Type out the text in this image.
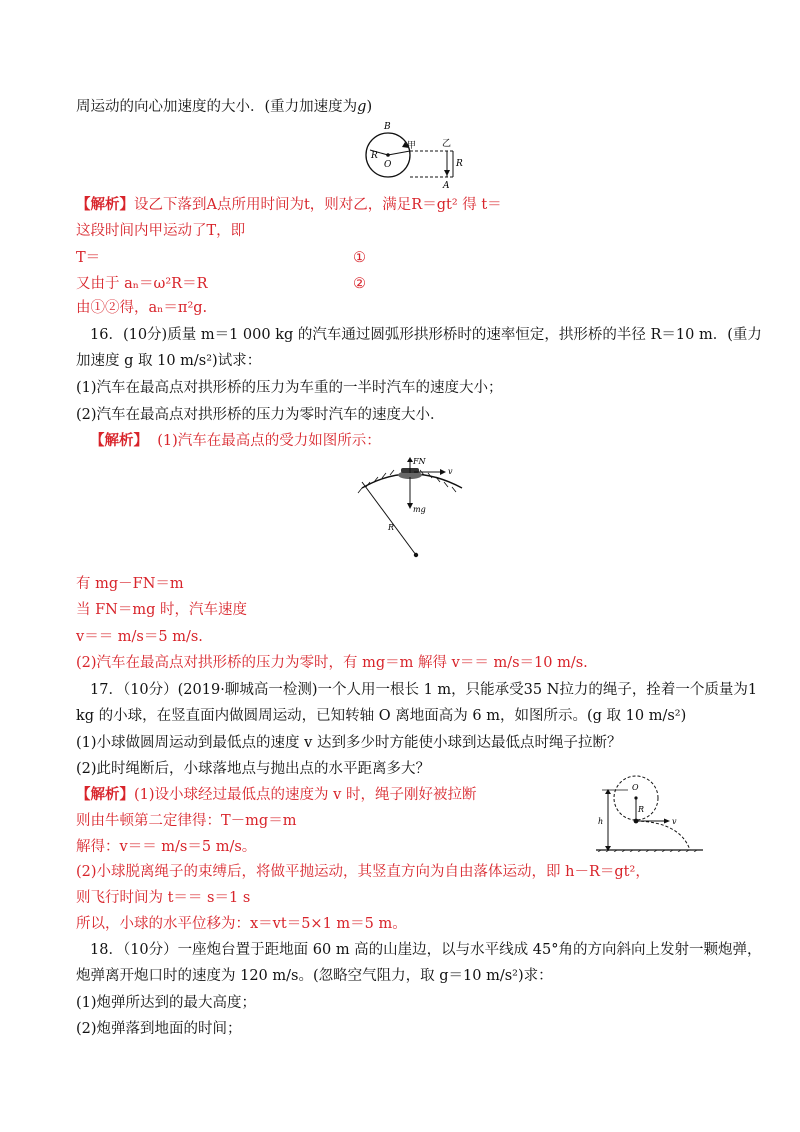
周运动的向心加速度的大小．(重力加速度为g)
B
O
R
甲	乙
R
A
【解析】设乙下落到A点所用时间为t，则对乙，满足R＝gt² 得 t＝
这段时间内甲运动了T，即
T＝	①
又由于 aₙ＝ω²R＝R	②
由①②得，aₙ＝π²g.
16．(10分)质量 m＝1 000 kg 的汽车通过圆弧形拱形桥时的速率恒定，拱形桥的半径 R＝10 m．(重力
加速度 g 取 10 m/s²)试求：
(1)汽车在最高点对拱形桥的压力为车重的一半时汽车的速度大小；
(2)汽车在最高点对拱形桥的压力为零时汽车的速度大小．
【解析】 (1)汽车在最高点的受力如图所示：
FN
v
mg
R
有 mg－FN＝m
当 FN＝mg 时，汽车速度
v＝＝ m/s＝5 m/s.
(2)汽车在最高点对拱形桥的压力为零时，有 mg＝m 解得 v＝＝ m/s＝10 m/s.
17．（10分）(2019·聊城高一检测)一个人用一根长 1 m，只能承受35 N拉力的绳子，拴着一个质量为1
kg 的小球，在竖直面内做圆周运动，已知转轴 O 离地面高为 6 m，如图所示。(g 取 10 m/s²)
(1)小球做圆周运动到最低点的速度 v 达到多少时方能使小球到达最低点时绳子拉断？
(2)此时绳断后，小球落地点与抛出点的水平距离多大？
【解析】(1)设小球经过最低点的速度为 v 时，绳子刚好被拉断
则由牛顿第二定律得：T－mg＝m
解得：v＝＝ m/s＝5 m/s。
(2)小球脱离绳子的束缚后，将做平抛运动，其竖直方向为自由落体运动，即 h－R＝gt²，
则飞行时间为 t＝＝ s＝1 s
所以，小球的水平位移为：x＝vt＝5×1 m＝5 m。
O
R
v
h
18．（10分）一座炮台置于距地面 60 m 高的山崖边，以与水平线成 45°角的方向斜向上发射一颗炮弹，
炮弹离开炮口时的速度为 120 m/s。(忽略空气阻力，取 g＝10 m/s²)求：
(1)炮弹所达到的最大高度；
(2)炮弹落到地面的时间；
